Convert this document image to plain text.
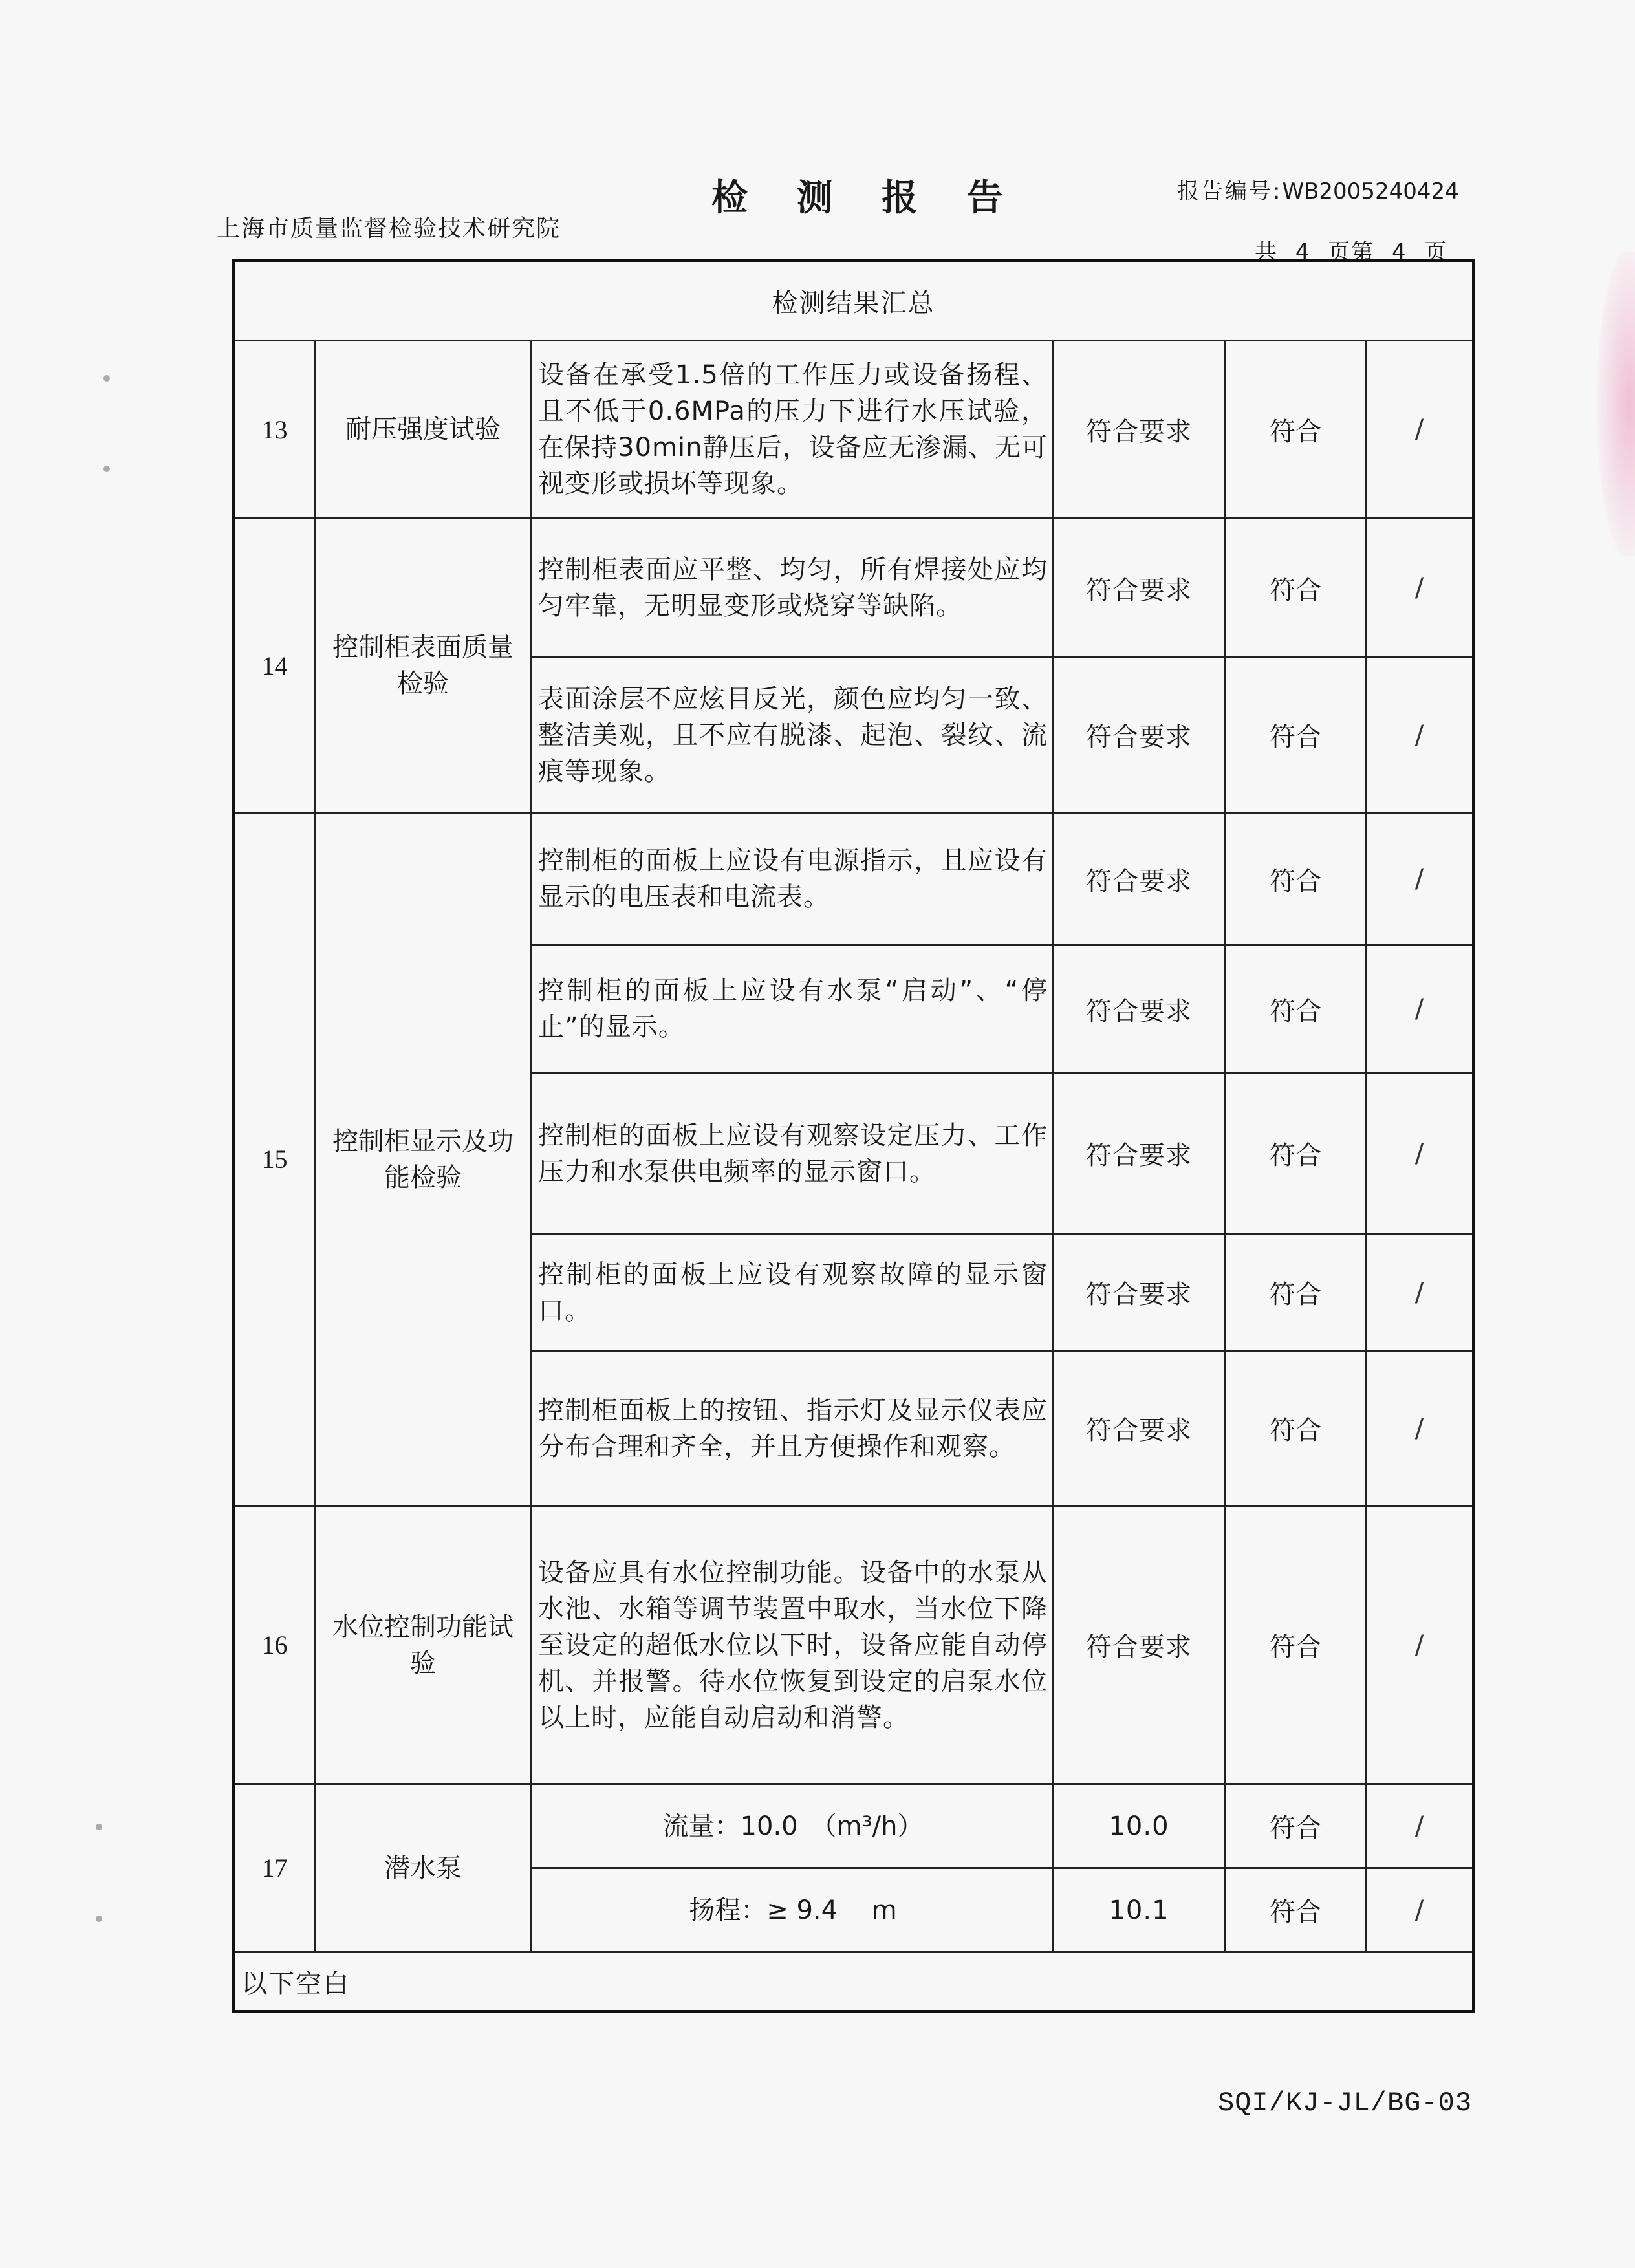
上海市质量监督检验技术研究院
检 测 报 告	报告编号:WB2005240424
共 4 页第 4 页
检测结果汇总					
13	耐压强度试验	设备在承受1.5倍的工作压力或设备扬程、且不低于0.6MPa的压力下进行水压试验，在保持30min静压后，设备应无渗漏、无可视变形或损坏等现象。	符合要求	符合	/
14	控制柜表面质量检验	控制柜表面应平整、均匀，所有焊接处应均匀牢靠，无明显变形或烧穿等缺陷。	符合要求	符合	/
		表面涂层不应炫目反光，颜色应均匀一致、整洁美观，且不应有脱漆、起泡、裂纹、流痕等现象。	符合要求	符合	/
15	控制柜显示及功能检验	控制柜的面板上应设有电源指示，且应设有显示的电压表和电流表。	符合要求	符合	/
		控制柜的面板上应设有水泵“启动”、“停止”的显示。	符合要求	符合	/
		控制柜的面板上应设有观察设定压力、工作压力和水泵供电频率的显示窗口。	符合要求	符合	/
		控制柜的面板上应设有观察故障的显示窗口。	符合要求	符合	/
		控制柜面板上的按钮、指示灯及显示仪表应分布合理和齐全，并且方便操作和观察。	符合要求	符合	/
16	水位控制功能试验	设备应具有水位控制功能。设备中的水泵从水池、水箱等调节装置中取水，当水位下降至设定的超低水位以下时，设备应能自动停机、并报警。待水位恢复到设定的启泵水位以上时，应能自动启动和消警。	符合要求	符合	/
17	潜水泵	流量：10.0　（m³/h）	10.0	符合	/
		扬程：≥ 9.4　 m	10.1	符合	/
以下空白					
SQI/KJ-JL/BG-03
